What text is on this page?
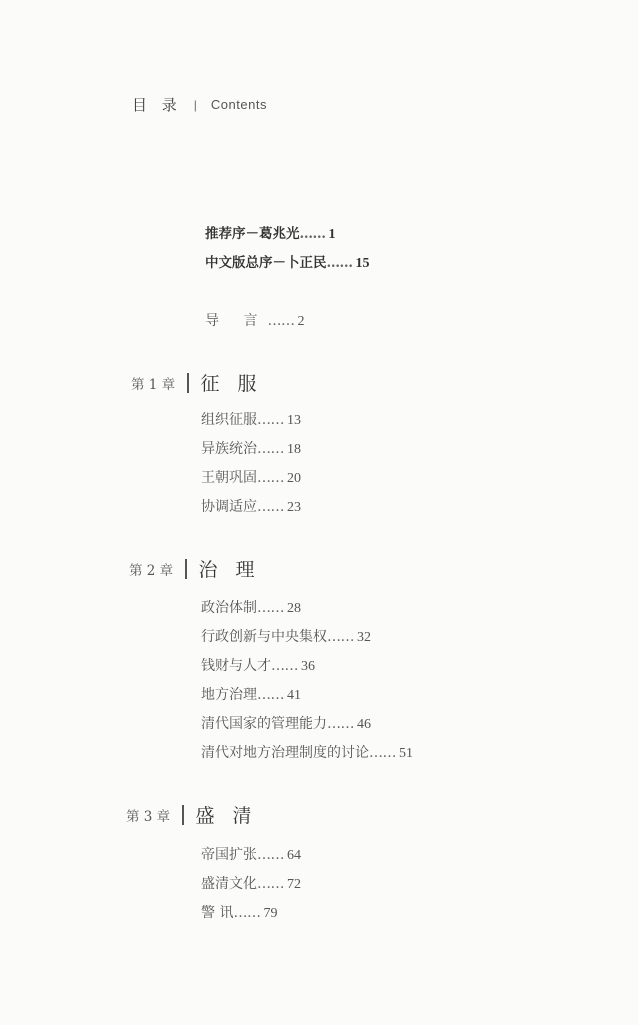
目 录 | Contents
推荐序－葛兆光…… 1
中文版总序－卜正民…… 15
导 言…… 2
第 1 章	征 服
组织征服…… 13
异族统治…… 18
王朝巩固…… 20
协调适应…… 23
第 2 章	治 理
政治体制…… 28
行政创新与中央集权…… 32
钱财与人才…… 36
地方治理…… 41
清代国家的管理能力…… 46
清代对地方治理制度的讨论…… 51
第 3 章	盛 清
帝国扩张…… 64
盛清文化…… 72
警 讯…… 79
